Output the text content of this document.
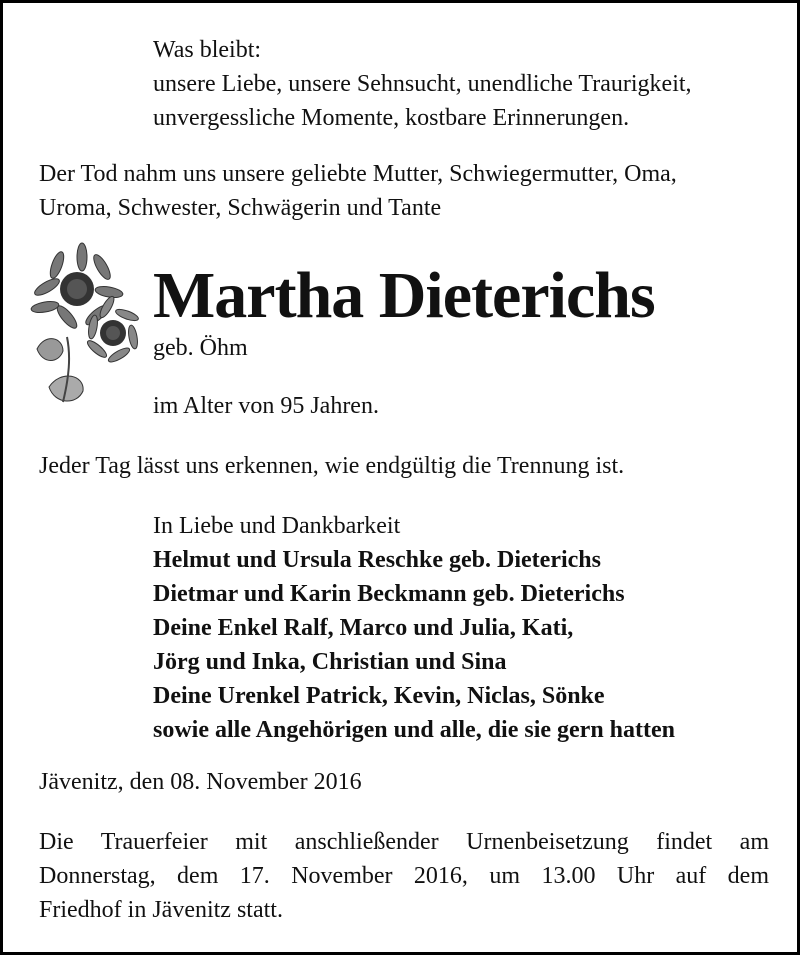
Was bleibt:
unsere Liebe, unsere Sehnsucht, unendliche Traurigkeit,
unvergessliche Momente, kostbare Erinnerungen.
Der Tod nahm uns unsere geliebte Mutter, Schwiegermutter, Oma,
Uroma, Schwester, Schwägerin und Tante
Martha Dieterichs
geb. Öhm
im Alter von 95 Jahren.
Jeder Tag lässt uns erkennen, wie endgültig die Trennung ist.
In Liebe und Dankbarkeit
Helmut und Ursula Reschke geb. Dieterichs
Dietmar und Karin Beckmann geb. Dieterichs
Deine Enkel Ralf, Marco und Julia, Kati,
Jörg und Inka, Christian und Sina
Deine Urenkel Patrick, Kevin, Niclas, Sönke
sowie alle Angehörigen und alle, die sie gern hatten
Jävenitz, den 08. November 2016
Die Trauerfeier mit anschließender Urnenbeisetzung findet am
Donnerstag, dem 17. November 2016, um 13.00 Uhr auf dem
Friedhof in Jävenitz statt.
